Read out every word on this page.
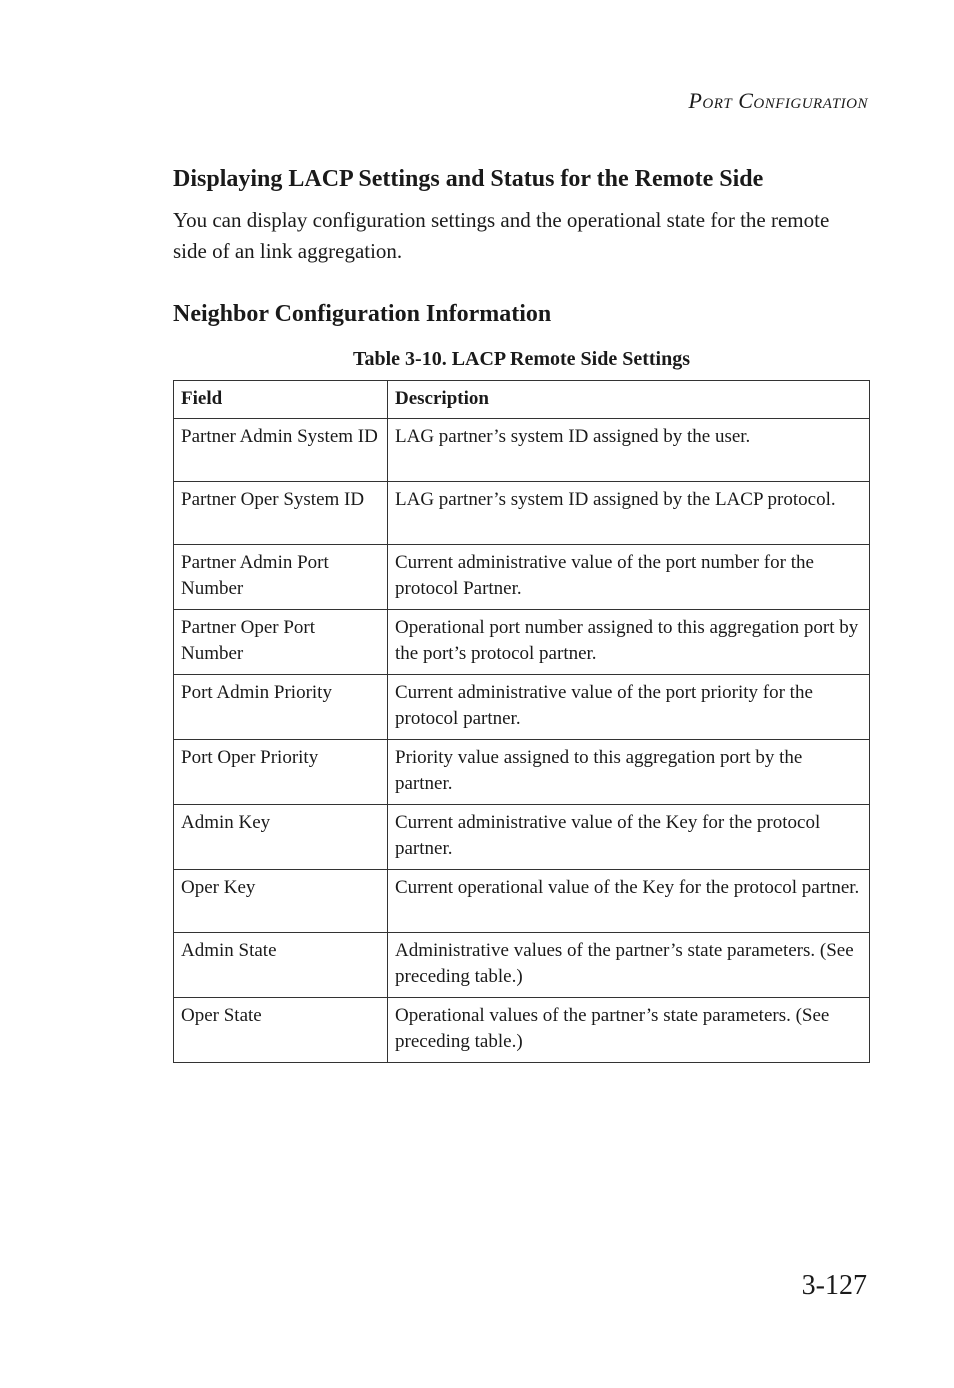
Port Configuration
Displaying LACP Settings and Status for the Remote Side

You can display configuration settings and the operational state for the remote side of an link aggregation.

Neighbor Configuration Information
Table 3-10. LACP Remote Side Settings
Field	Description
Partner Admin System ID	LAG partner’s system ID assigned by the user.
Partner Oper System ID	LAG partner’s system ID assigned by the LACP protocol.
Partner Admin Port Number	Current administrative value of the port number for the protocol Partner.
Partner Oper Port Number	Operational port number assigned to this aggregation port by the port’s protocol partner.
Port Admin Priority	Current administrative value of the port priority for the protocol partner.
Port Oper Priority	Priority value assigned to this aggregation port by the partner.
Admin Key	Current administrative value of the Key for the protocol partner.
Oper Key	Current operational value of the Key for the protocol partner.
Admin State	Administrative values of the partner’s state parameters. (See preceding table.)
Oper State	Operational values of the partner’s state parameters. (See preceding table.)
3-127
